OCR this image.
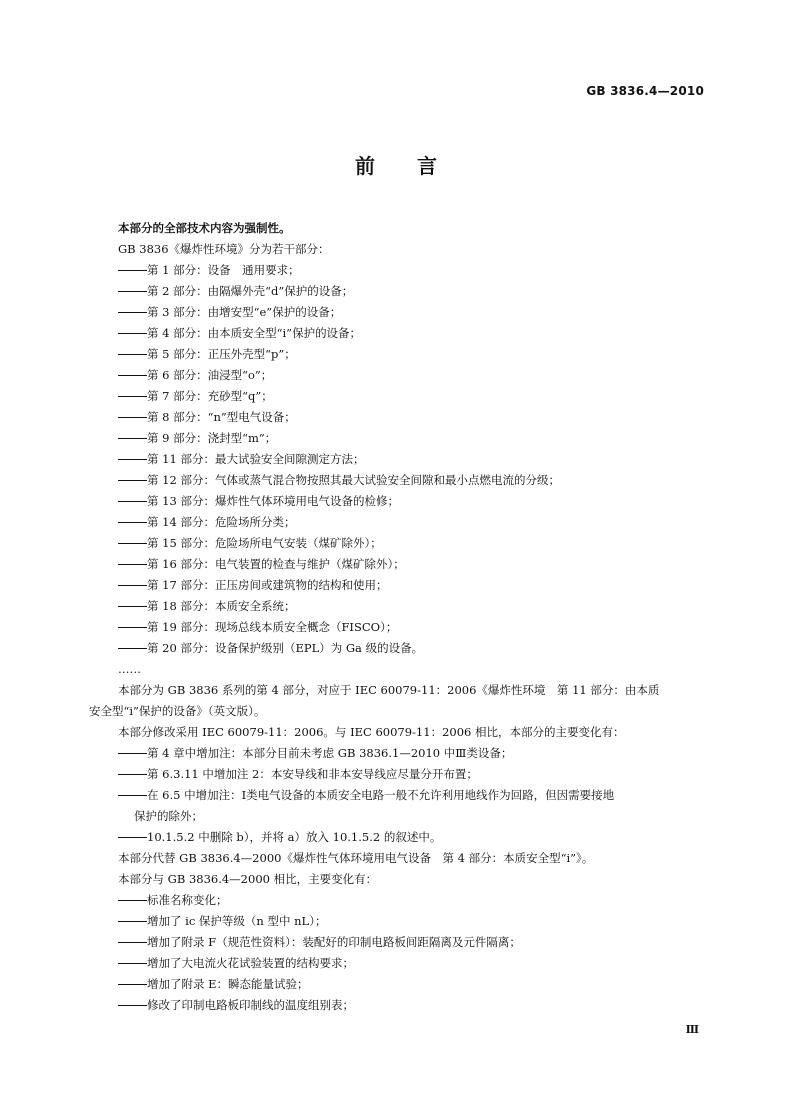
GB 3836.4—2010
前言
本部分的全部技术内容为强制性。
GB 3836《爆炸性环境》分为若干部分：
第 1 部分：设备　通用要求；
第 2 部分：由隔爆外壳“d”保护的设备；
第 3 部分：由增安型“e”保护的设备；
第 4 部分：由本质安全型“i”保护的设备；
第 5 部分：正压外壳型“p”；
第 6 部分：油浸型“o”；
第 7 部分：充砂型“q”；
第 8 部分：“n”型电气设备；
第 9 部分：浇封型“m”；
第 11 部分：最大试验安全间隙测定方法；
第 12 部分：气体或蒸气混合物按照其最大试验安全间隙和最小点燃电流的分级；
第 13 部分：爆炸性气体环境用电气设备的检修；
第 14 部分：危险场所分类；
第 15 部分：危险场所电气安装（煤矿除外）；
第 16 部分：电气装置的检查与维护（煤矿除外）；
第 17 部分：正压房间或建筑物的结构和使用；
第 18 部分：本质安全系统；
第 19 部分：现场总线本质安全概念（FISCO）；
第 20 部分：设备保护级别（EPL）为 Ga 级的设备。
……
本部分为 GB 3836 系列的第 4 部分，对应于 IEC 60079-11：2006《爆炸性环境　第 11 部分：由本质
安全型“i”保护的设备》（英文版）。
本部分修改采用 IEC 60079-11：2006。与 IEC 60079-11：2006 相比，本部分的主要变化有：
第 4 章中增加注：本部分目前未考虑 GB 3836.1—2010 中Ⅲ类设备；
第 6.3.11 中增加注 2：本安导线和非本安导线应尽量分开布置；
在 6.5 中增加注：Ⅰ类电气设备的本质安全电路一般不允许利用地线作为回路，但因需要接地
保护的除外；
10.1.5.2 中删除 b），并将 a）放入 10.1.5.2 的叙述中。
本部分代替 GB 3836.4—2000《爆炸性气体环境用电气设备　第 4 部分：本质安全型“i”》。
本部分与 GB 3836.4—2000 相比，主要变化有：
标准名称变化；
增加了 ic 保护等级（n 型中 nL）；
增加了附录 F（规范性资料）：装配好的印制电路板间距隔离及元件隔离；
增加了大电流火花试验装置的结构要求；
增加了附录 E：瞬态能量试验；
修改了印制电路板印制线的温度组别表；
Ⅲ
